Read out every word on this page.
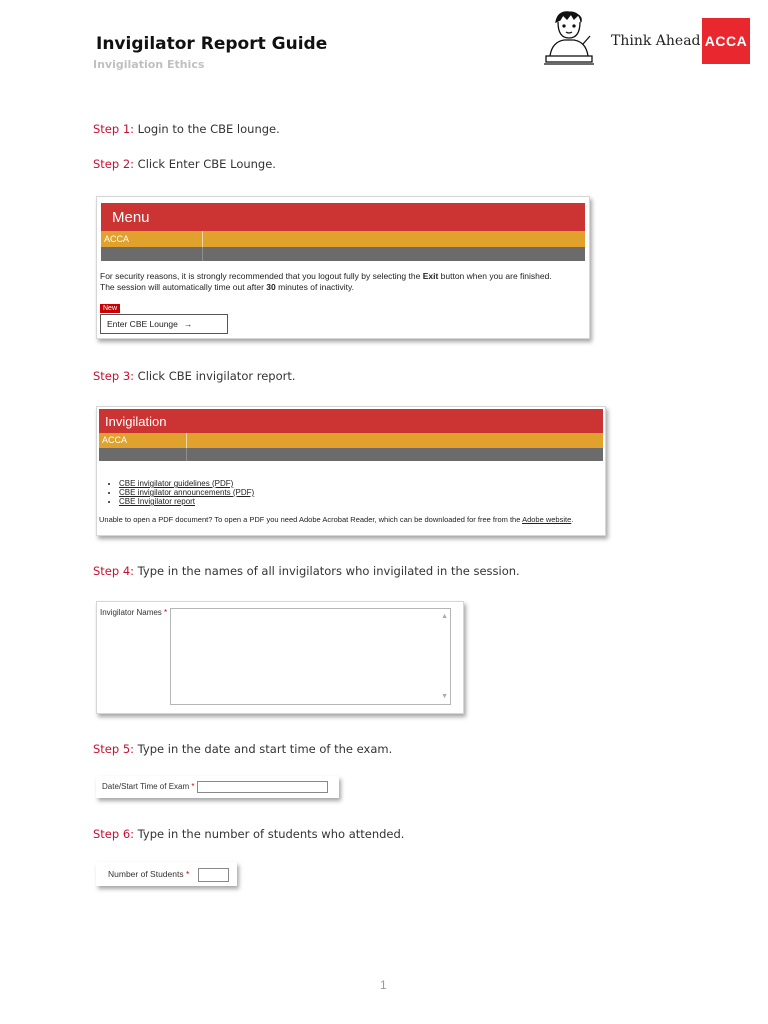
Invigilator Report Guide
Invigilation Ethics
Think Ahead ACCA
Step 1: Login to the CBE lounge.
Step 2: Click Enter CBE Lounge.
Menu
ACCA
For security reasons, it is strongly recommended that you logout fully by selecting the Exit button when you are finished.
The session will automatically time out after 30 minutes of inactivity.
New
Enter CBE Lounge →
Step 3: Click CBE invigilator report.
Invigilation
ACCA
• CBE invigilator guidelines (PDF)
• CBE invigilator announcements (PDF)
• CBE Invigilator report
Unable to open a PDF document? To open a PDF you need Adobe Acrobat Reader, which can be downloaded for free from the Adobe website.
Step 4: Type in the names of all invigilators who invigilated in the session.
Invigilator Names *	▲
▼
Step 5: Type in the date and start time of the exam.
Date/Start Time of Exam *
Step 6: Type in the number of students who attended.
Number of Students *
1
